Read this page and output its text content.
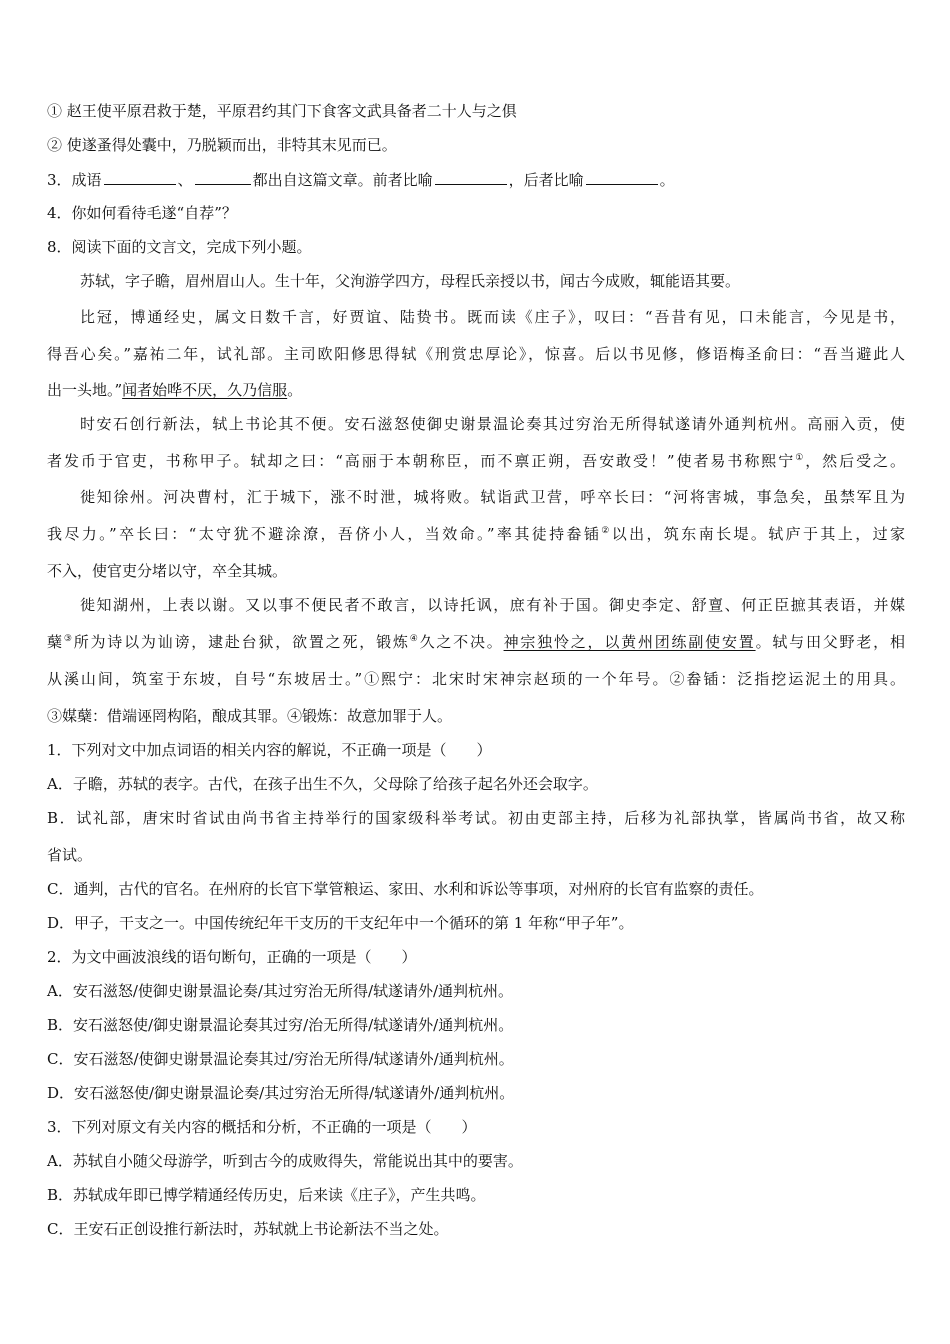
① 赵王使平原君救于楚，平原君约其门下食客文武具备者二十人与之俱

② 使遂蚤得处囊中，乃脱颖而出，非特其末见而已。

3．成语	、	都出自这篇文章。前者比喻	，后者比喻	。

4．你如何看待毛遂“自荐”？

8．阅读下面的文言文，完成下列小题。

苏轼，字子瞻，眉州眉山人。生十年，父洵游学四方，母程氏亲授以书，闻古今成败，辄能语其要。

比冠，博通经史，属文日数千言，好贾谊、陆贽书。既而读《庄子》，叹曰：“吾昔有见，口未能言，今见是书，

得吾心矣。”嘉祐二年，试礼部。主司欧阳修思得轼《刑赏忠厚论》，惊喜。后以书见修，修语梅圣俞曰：“吾当避此人

出一头地。”闻者始哗不厌，久乃信服。

时安石创行新法，轼上书论其不便。安石滋怒使御史谢景温论奏其过穷治无所得轼遂请外通判杭州。高丽入贡，使

者发币于官吏，书称甲子。轼却之曰：“高丽于本朝称臣，而不禀正朔，吾安敢受！”使者易书称熙宁①，然后受之。

徙知徐州。河决曹村，汇于城下，涨不时泄，城将败。轼诣武卫营，呼卒长曰：“河将害城，事急矣，虽禁军且为

我尽力。”卒长曰：“太守犹不避涂潦，吾侪小人，当效命。”率其徒持畚锸②以出，筑东南长堤。轼庐于其上，过家

不入，使官吏分堵以守，卒全其城。

徙知湖州，上表以谢。又以事不便民者不敢言，以诗托讽，庶有补于国。御史李定、舒亶、何正臣摭其表语，并媒

蘖③所为诗以为讪谤，逮赴台狱，欲置之死，锻炼④久之不决。神宗独怜之，以黄州团练副使安置。轼与田父野老，相

从溪山间，筑室于东坡，自号“东坡居士。”①熙宁：北宋时宋神宗赵顼的一个年号。②畚锸：泛指挖运泥土的用具。

③媒蘖：借端诬罔构陷，酿成其罪。④锻炼：故意加罪于人。

1．下列对文中加点词语的相关内容的解说，不正确一项是（　　）

A．子瞻，苏轼的表字。古代，在孩子出生不久，父母除了给孩子起名外还会取字。

B．试礼部，唐宋时省试由尚书省主持举行的国家级科举考试。初由吏部主持，后移为礼部执掌，皆属尚书省，故又称

省试。

C．通判，古代的官名。在州府的长官下掌管粮运、家田、水利和诉讼等事项，对州府的长官有监察的责任。

D．甲子，干支之一。中国传统纪年干支历的干支纪年中一个循环的第 1 年称“甲子年”。

2．为文中画波浪线的语句断句，正确的一项是（　　）

A．安石滋怒/使御史谢景温论奏/其过穷治无所得/轼遂请外/通判杭州。

B．安石滋怒使/御史谢景温论奏其过穷/治无所得/轼遂请外/通判杭州。

C．安石滋怒/使御史谢景温论奏其过/穷治无所得/轼遂请外/通判杭州。

D．安石滋怒使/御史谢景温论奏/其过穷治无所得/轼遂请外/通判杭州。

3．下列对原文有关内容的概括和分析，不正确的一项是（　　）

A．苏轼自小随父母游学，听到古今的成败得失，常能说出其中的要害。

B．苏轼成年即已博学精通经传历史，后来读《庄子》，产生共鸣。

C．王安石正创设推行新法时，苏轼就上书论新法不当之处。
